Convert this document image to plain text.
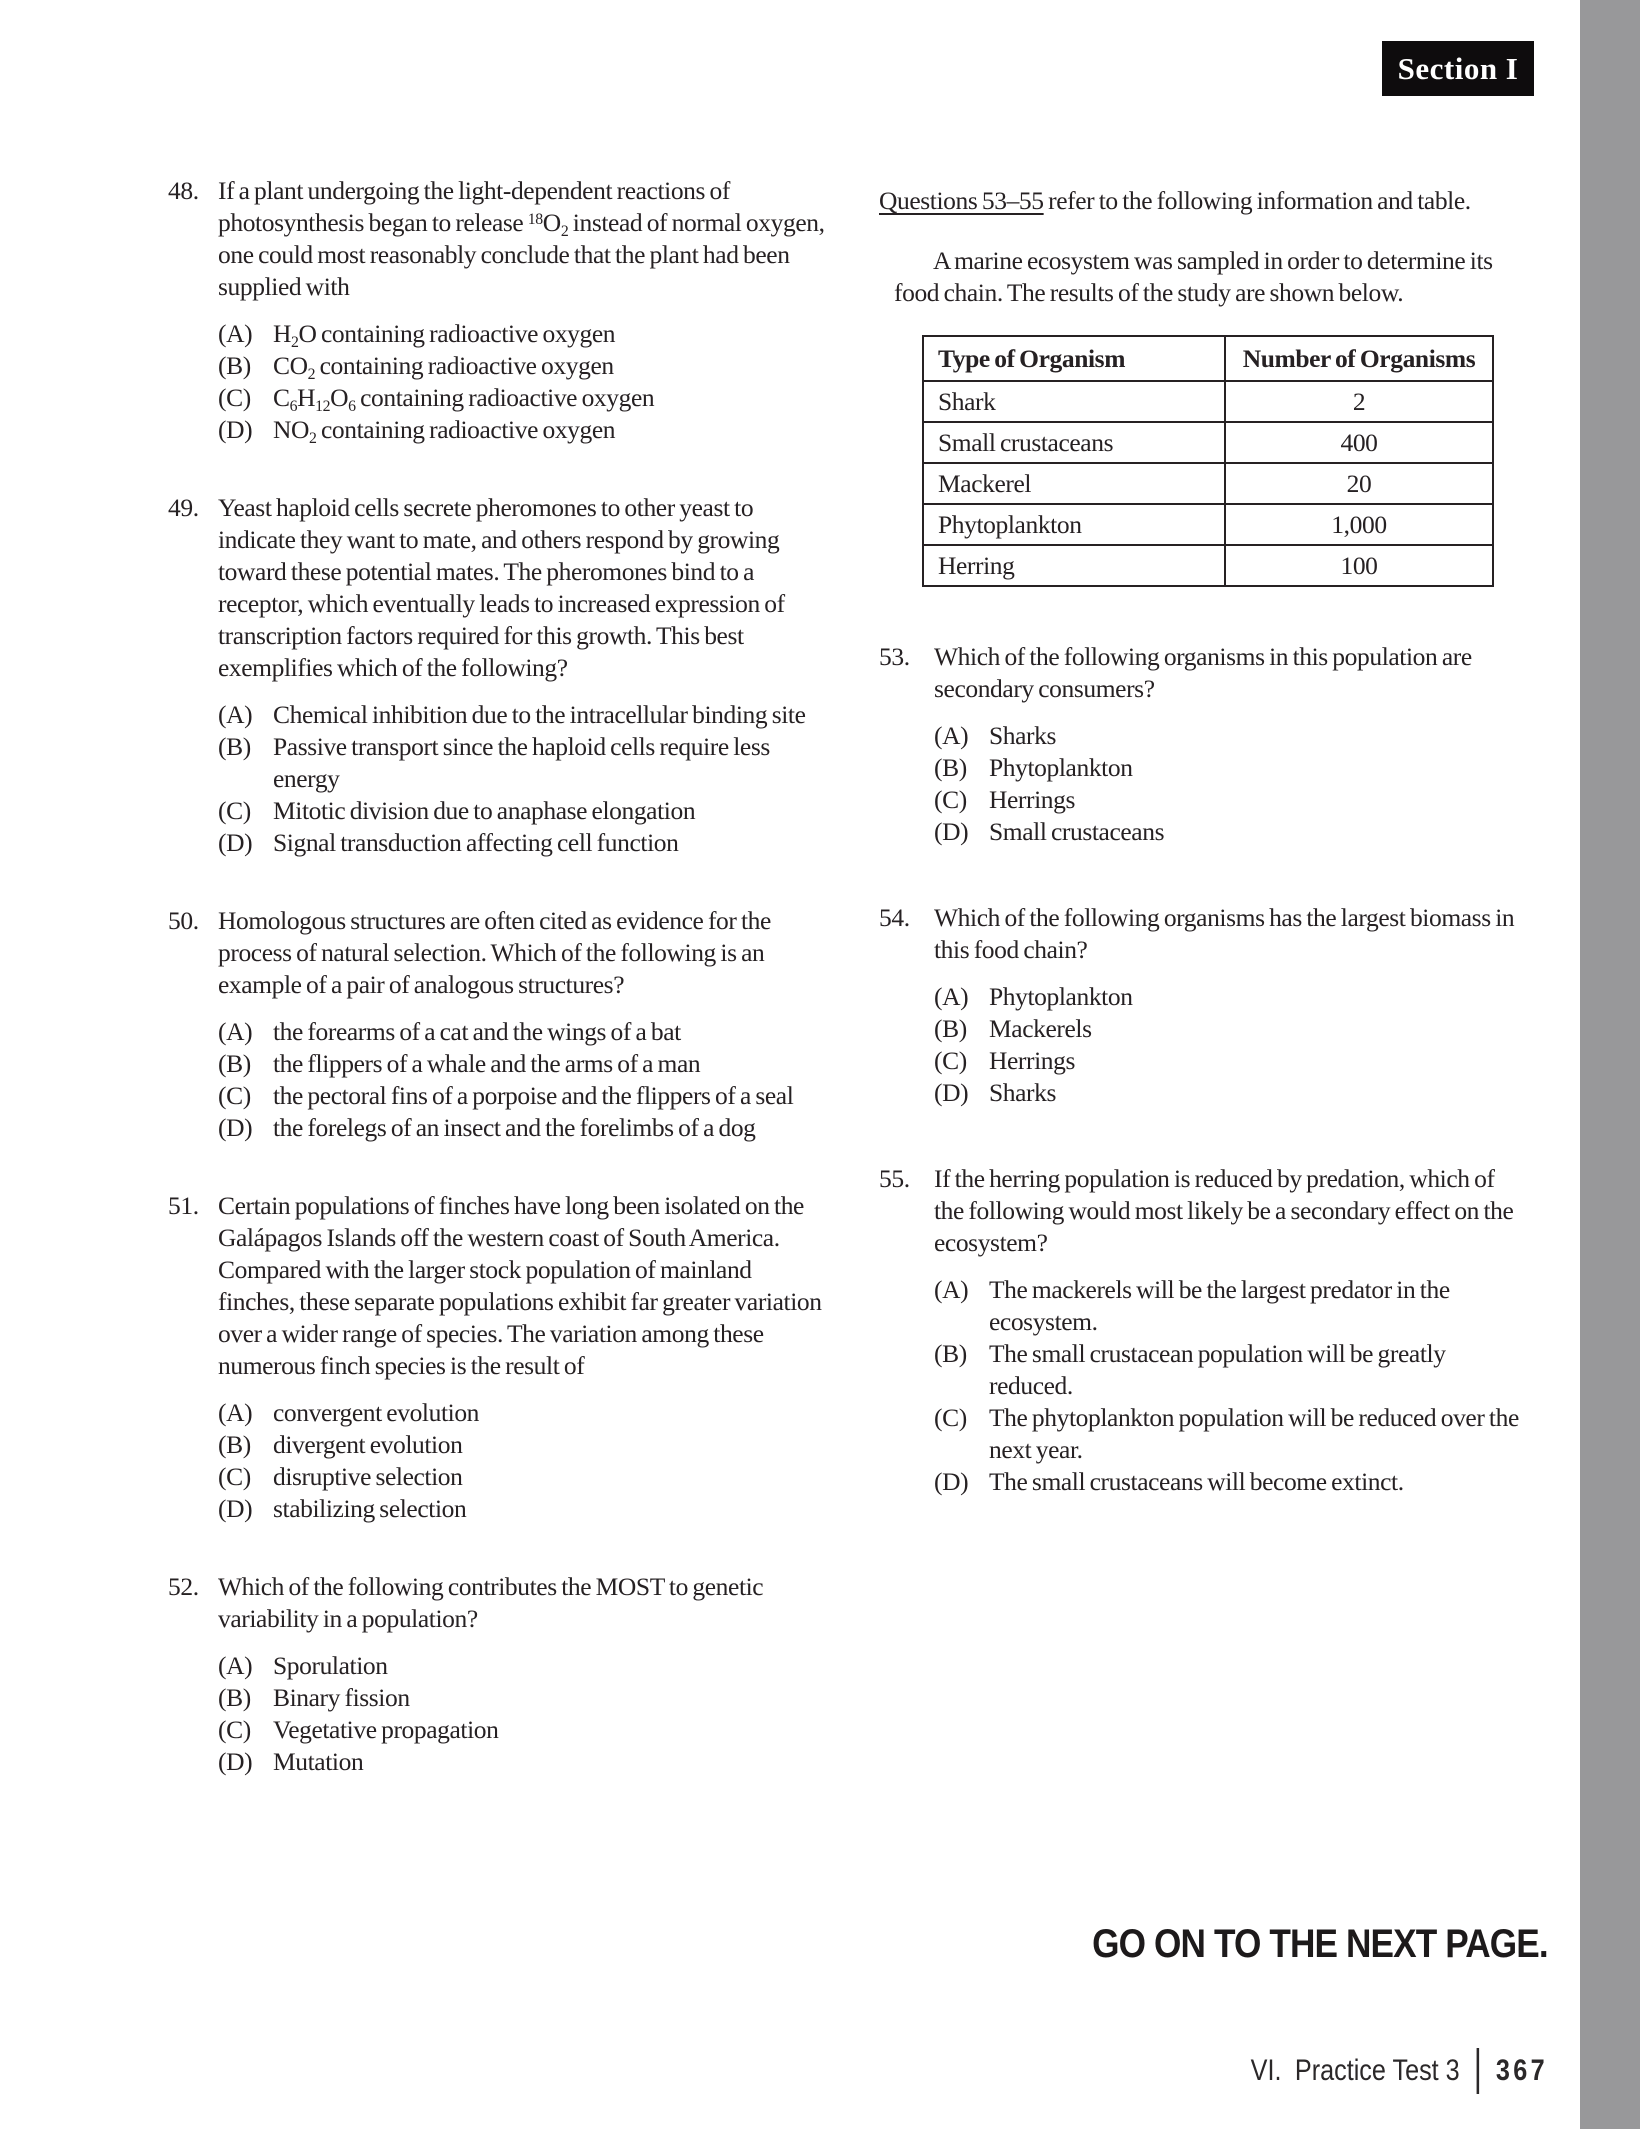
Section I
48. If a plant undergoing the light-dependent reactions of photosynthesis began to release $^{18}O_2$ instead of normal oxygen, one could most reasonably conclude that the plant had been supplied with
(A) $H_2O$ containing radioactive oxygen
(B) $CO_2$ containing radioactive oxygen
(C) $C_6H_{12}O_6$ containing radioactive oxygen
(D) $NO_2$ containing radioactive oxygen
49. Yeast haploid cells secrete pheromones to other yeast to indicate they want to mate, and others respond by growing toward these potential mates. The pheromones bind to a receptor, which eventually leads to increased expression of transcription factors required for this growth. This best exemplifies which of the following?
(A) Chemical inhibition due to the intracellular binding site
(B) Passive transport since the haploid cells require less energy
(C) Mitotic division due to anaphase elongation
(D) Signal transduction affecting cell function
50. Homologous structures are often cited as evidence for the process of natural selection. Which of the following is an example of a pair of analogous structures?
(A) the forearms of a cat and the wings of a bat
(B) the flippers of a whale and the arms of a man
(C) the pectoral fins of a porpoise and the flippers of a seal
(D) the forelegs of an insect and the forelimbs of a dog
51. Certain populations of finches have long been isolated on the Galápagos Islands off the western coast of South America. Compared with the larger stock population of mainland finches, these separate populations exhibit far greater variation over a wider range of species. The variation among these numerous finch species is the result of
(A) convergent evolution
(B) divergent evolution
(C) disruptive selection
(D) stabilizing selection
52. Which of the following contributes the MOST to genetic variability in a population?
(A) Sporulation
(B) Binary fission
(C) Vegetative propagation
(D) Mutation
Questions 53–55 refer to the following information and table.
A marine ecosystem was sampled in order to determine its food chain. The results of the study are shown below.
Type of Organism	Number of Organisms
Shark	2
Small crustaceans	400
Mackerel	20
Phytoplankton	1,000
Herring	100
53. Which of the following organisms in this population are secondary consumers?
(A) Sharks
(B) Phytoplankton
(C) Herrings
(D) Small crustaceans
54. Which of the following organisms has the largest biomass in this food chain?
(A) Phytoplankton
(B) Mackerels
(C) Herrings
(D) Sharks
55. If the herring population is reduced by predation, which of the following would most likely be a secondary effect on the ecosystem?
(A) The mackerels will be the largest predator in the ecosystem.
(B) The small crustacean population will be greatly reduced.
(C) The phytoplankton population will be reduced over the next year.
(D) The small crustaceans will become extinct.
GO ON TO THE NEXT PAGE.
VI. Practice Test 3 367
